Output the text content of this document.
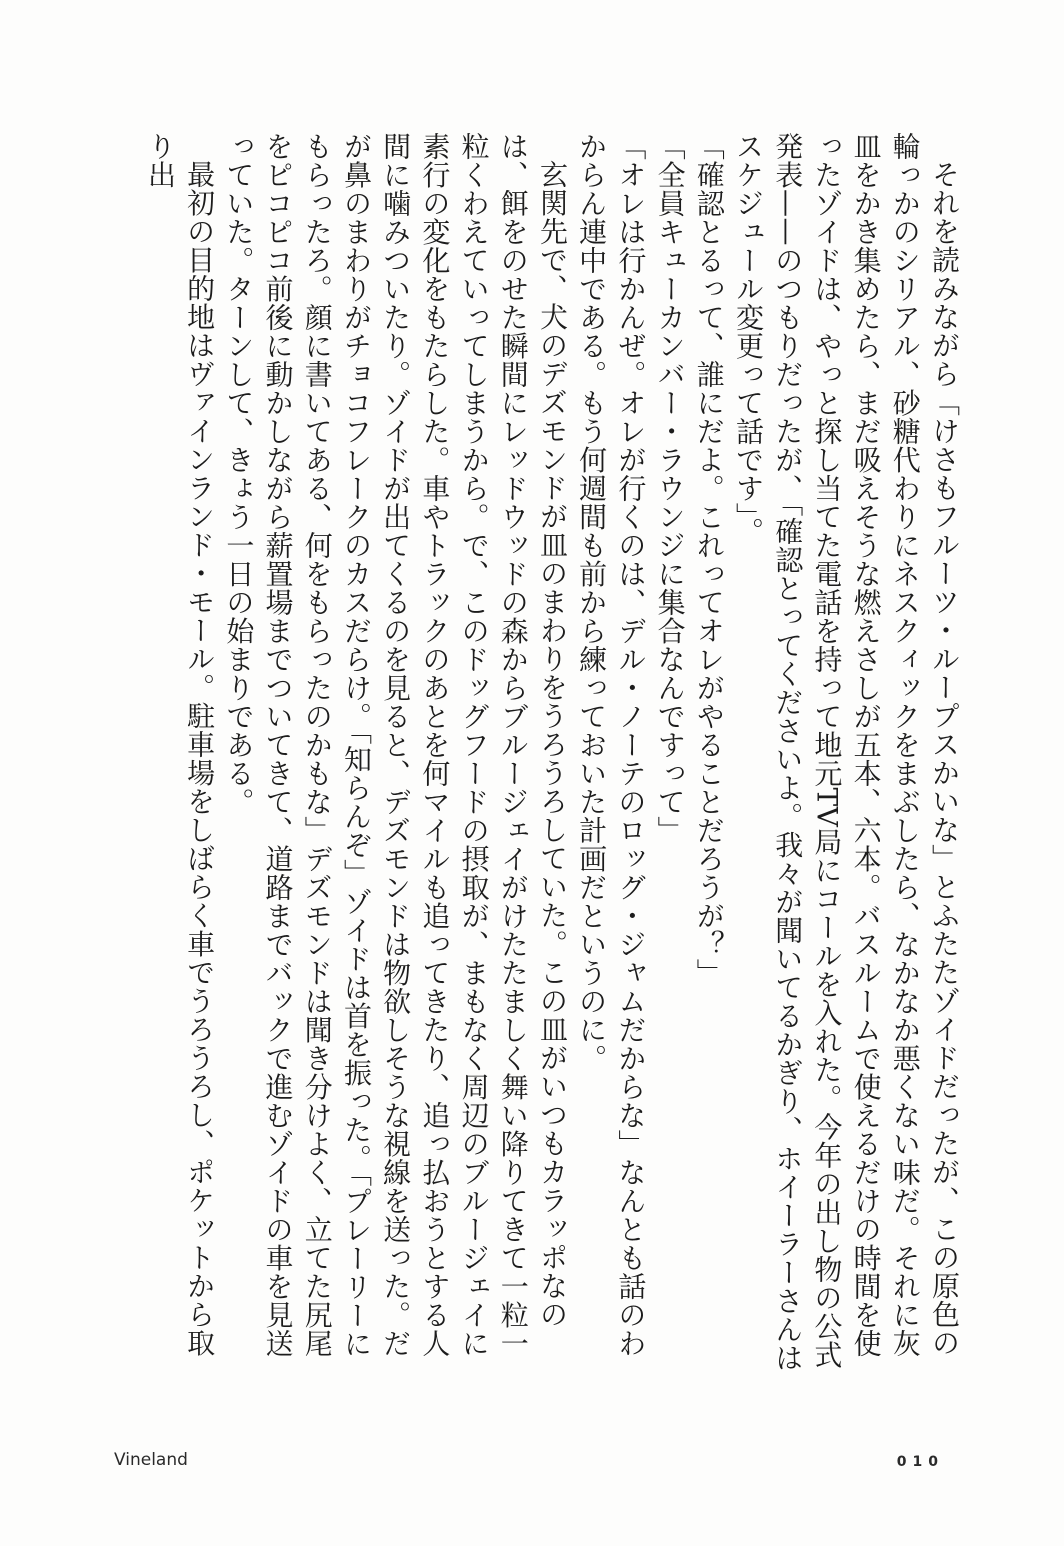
それを読みながら「けさもフルーツ・ループスかいな」とふたたゾイドだったが、この原色の輪っかのシリアル、砂糖代わりにネスクィックをまぶしたら、なかなか悪くない味だ。それに灰皿をかき集めたら、まだ吸えそうな燃えさしが五本、六本。バスルームで使えるだけの時間を使ったゾイドは、やっと探し当てた電話を持って地元TV局にコールを入れた。今年の出し物の公式発表——のつもりだったが、「確認とってくださいよ。我々が聞いてるかぎり、ホイーラーさんはスケジュール変更って話です」。

「確認とるって、誰にだよ。これってオレがやることだろうが？」

「全員キューカンバー・ラウンジに集合なんですって」

「オレは行かんぜ。オレが行くのは、デル・ノーテのロッグ・ジャムだからな」なんとも話のわからん連中である。もう何週間も前から練っておいた計画だというのに。

玄関先で、犬のデズモンドが皿のまわりをうろうろしていた。この皿がいつもカラッポなのは、餌をのせた瞬間にレッドウッドの森からブルージェイがけたたましく舞い降りてきて一粒一粒くわえていってしまうから。で、このドッグフードの摂取が、まもなく周辺のブルージェイに素行の変化をもたらした。車やトラックのあとを何マイルも追ってきたり、追っ払おうとする人間に噛みついたり。ゾイドが出てくるのを見ると、デズモンドは物欲しそうな視線を送った。だが鼻のまわりがチョコフレークのカスだらけ。「知らんぞ」ゾイドは首を振った。「プレーリーにもらったろ。顔に書いてある、何をもらったのかもな」デズモンドは聞き分けよく、立てた尻尾をピコピコ前後に動かしながら薪置場までついてきて、道路までバックで進むゾイドの車を見送っていた。ターンして、きょう一日の始まりである。

最初の目的地はヴァインランド・モール。駐車場をしばらく車でうろうろし、ポケットから取り出

Vineland	010
